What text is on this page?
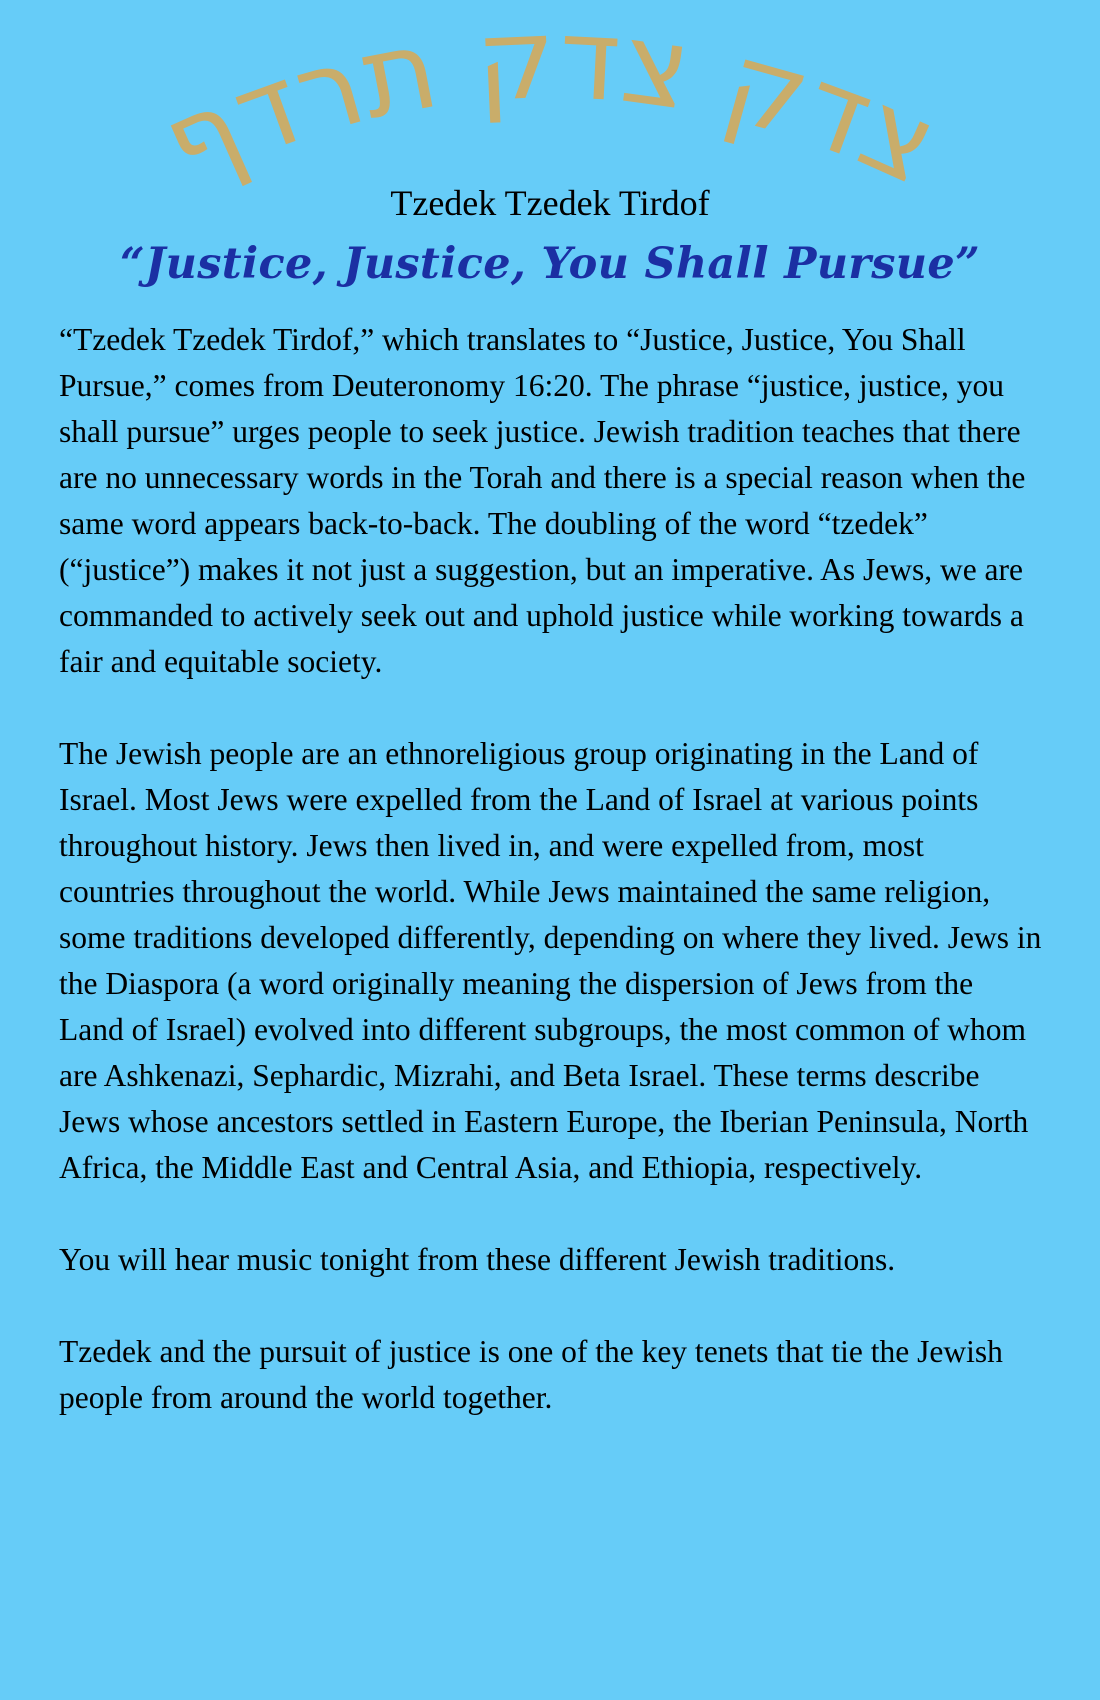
צדק צדק תרדף
Tzedek Tzedek Tirdof
“Justice, Justice, You Shall Pursue”

“Tzedek Tzedek Tirdof,” which translates to “Justice, Justice, You Shall Pursue,” comes from Deuteronomy 16:20. The phrase “justice, justice, you shall pursue” urges people to seek justice. Jewish tradition teaches that there are no unnecessary words in the Torah and there is a special reason when the same word appears back-to-back. The doubling of the word “tzedek” (“justice”) makes it not just a suggestion, but an imperative. As Jews, we are commanded to actively seek out and uphold justice while working towards a fair and equitable society.

The Jewish people are an ethnoreligious group originating in the Land of Israel. Most Jews were expelled from the Land of Israel at various points throughout history. Jews then lived in, and were expelled from, most countries throughout the world. While Jews maintained the same religion, some traditions developed differently, depending on where they lived. Jews in the Diaspora (a word originally meaning the dispersion of Jews from the Land of Israel) evolved into different subgroups, the most common of whom are Ashkenazi, Sephardic, Mizrahi, and Beta Israel. These terms describe Jews whose ancestors settled in Eastern Europe, the Iberian Peninsula, North Africa, the Middle East and Central Asia, and Ethiopia, respectively.

You will hear music tonight from these different Jewish traditions.

Tzedek and the pursuit of justice is one of the key tenets that tie the Jewish people from around the world together.
